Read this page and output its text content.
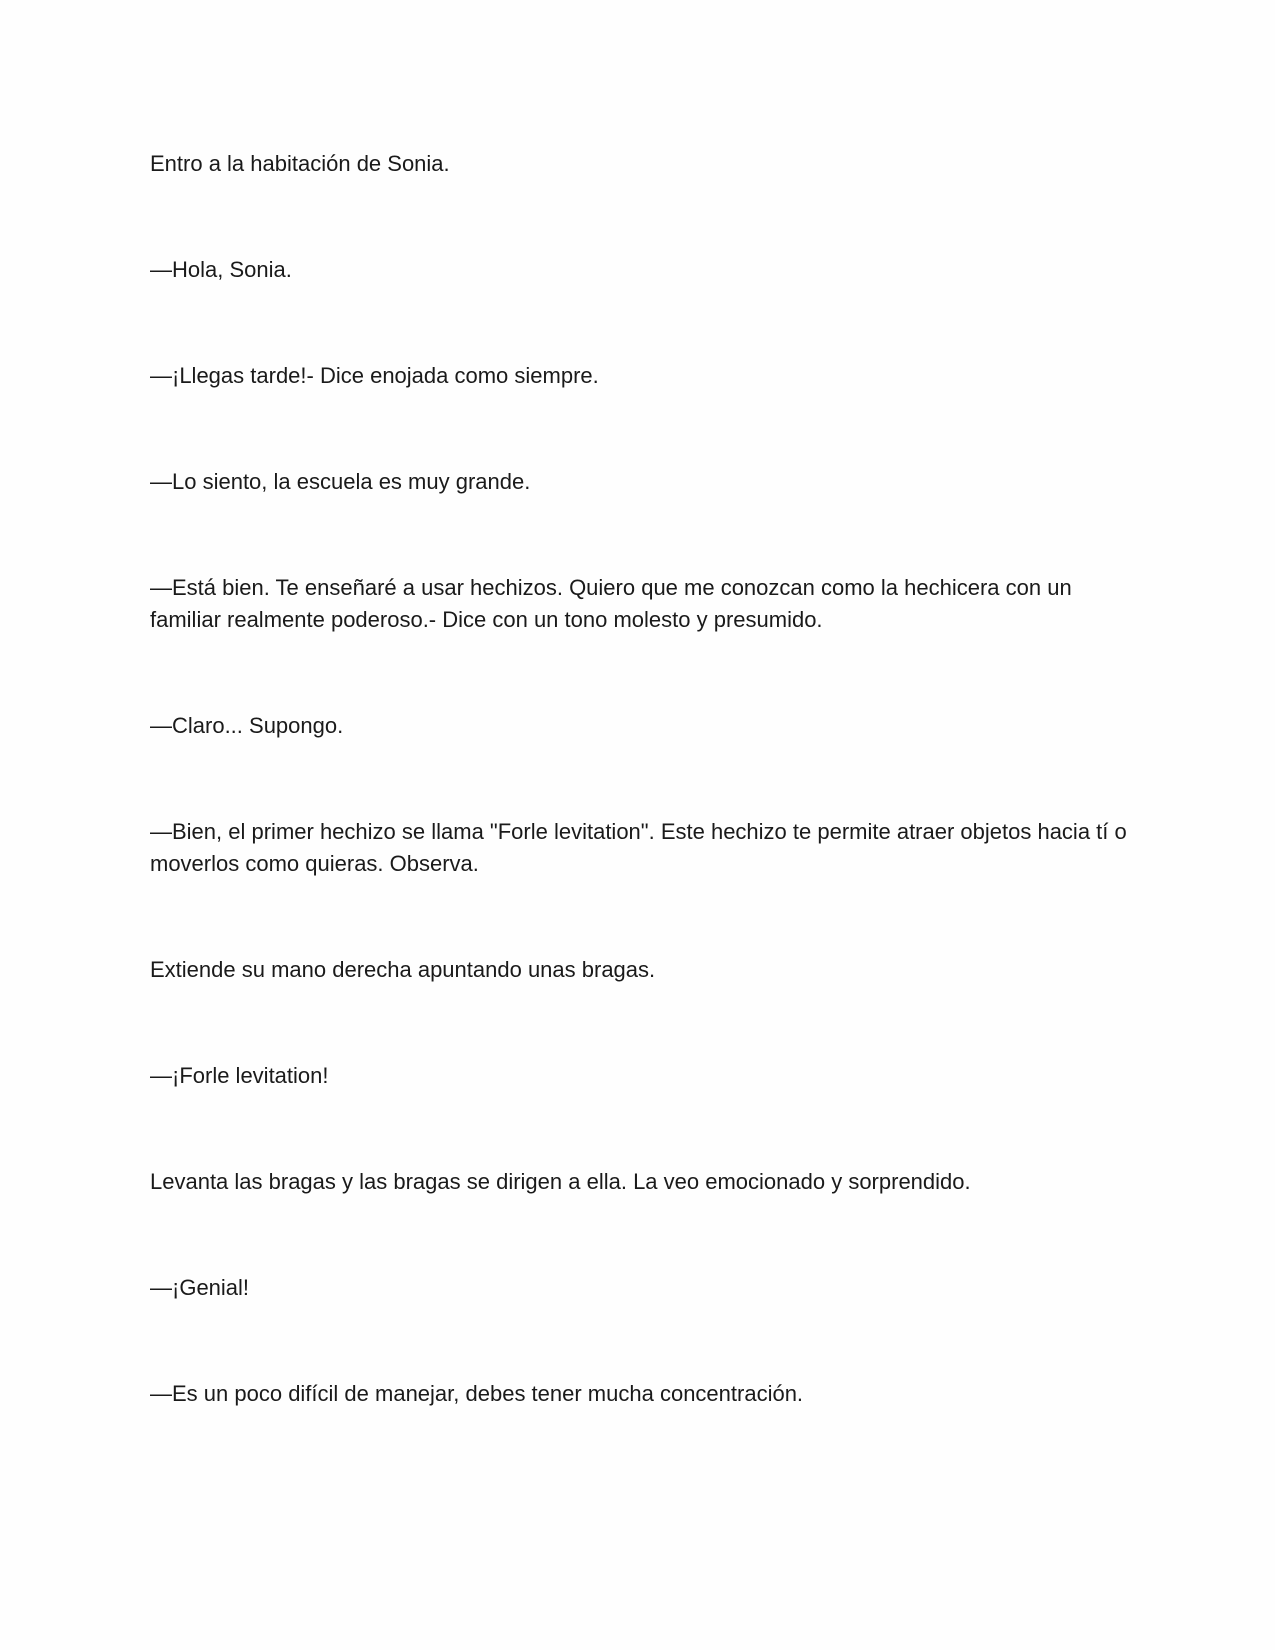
Entro a la habitación de Sonia.

—Hola, Sonia.

—¡Llegas tarde!- Dice enojada como siempre.

—Lo siento, la escuela es muy grande.

—Está bien. Te enseñaré a usar hechizos. Quiero que me conozcan como la hechicera con un familiar realmente poderoso.- Dice con un tono molesto y presumido.

—Claro... Supongo.

—Bien, el primer hechizo se llama "Forle levitation". Este hechizo te permite atraer objetos hacia tí o moverlos como quieras. Observa.

Extiende su mano derecha apuntando unas bragas.

—¡Forle levitation!

Levanta las bragas y las bragas se dirigen a ella. La veo emocionado y sorprendido.

—¡Genial!

—Es un poco difícil de manejar, debes tener mucha concentración.
